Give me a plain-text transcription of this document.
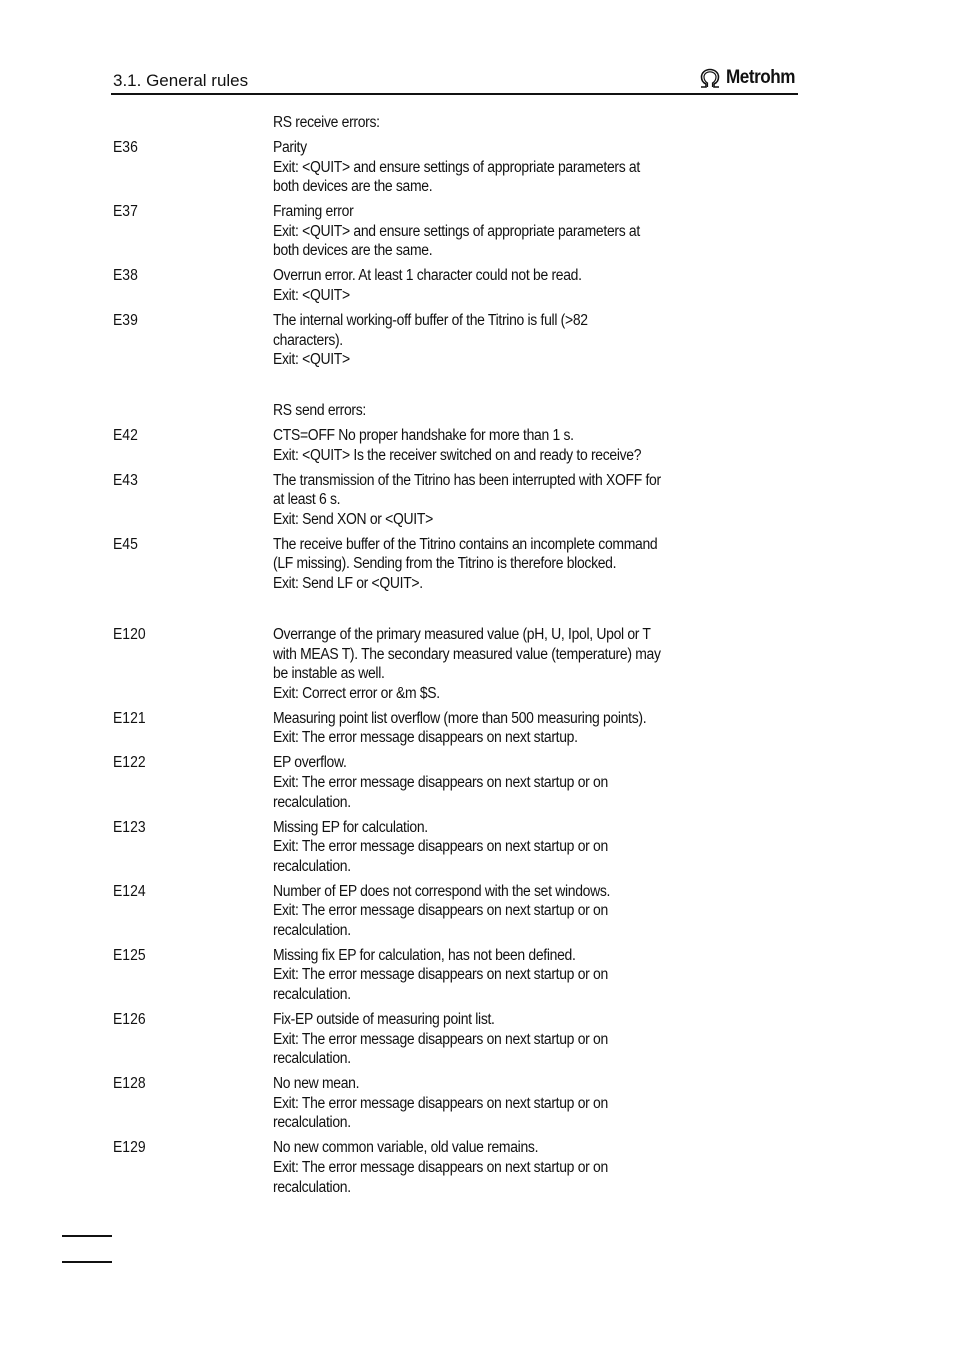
3.1. General rules	Metrohm
RS receive errors:
E36	Parity
Exit: <QUIT> and ensure settings of appropriate parameters at
both devices are the same.
E37	Framing error
Exit: <QUIT> and ensure settings of appropriate parameters at
both devices are the same.
E38	Overrun error. At least 1 character could not be read.
Exit: <QUIT>
E39	The internal working-off buffer of the Titrino is full (>82
characters).
Exit: <QUIT>
RS send errors:
E42	CTS=OFF No proper handshake for more than 1 s.
Exit: <QUIT> Is the receiver switched on and ready to receive?
E43	The transmission of the Titrino has been interrupted with XOFF for
at least 6 s.
Exit: Send XON or <QUIT>
E45	The receive buffer of the Titrino contains an incomplete command
(LF missing). Sending from the Titrino is therefore blocked.
Exit: Send LF or <QUIT>.
E120	Overrange of the primary measured value (pH, U, Ipol, Upol or T
with MEAS T). The secondary measured value (temperature) may
be instable as well.
Exit: Correct error or &m $S.
E121	Measuring point list overflow (more than 500 measuring points).
Exit: The error message disappears on next startup.
E122	EP overflow.
Exit: The error message disappears on next startup or on
recalculation.
E123	Missing EP for calculation.
Exit: The error message disappears on next startup or on
recalculation.
E124	Number of EP does not correspond with the set windows.
Exit: The error message disappears on next startup or on
recalculation.
E125	Missing fix EP for calculation, has not been defined.
Exit: The error message disappears on next startup or on
recalculation.
E126	Fix-EP outside of measuring point list.
Exit: The error message disappears on next startup or on
recalculation.
E128	No new mean.
Exit: The error message disappears on next startup or on
recalculation.
E129	No new common variable, old value remains.
Exit: The error message disappears on next startup or on
recalculation.
